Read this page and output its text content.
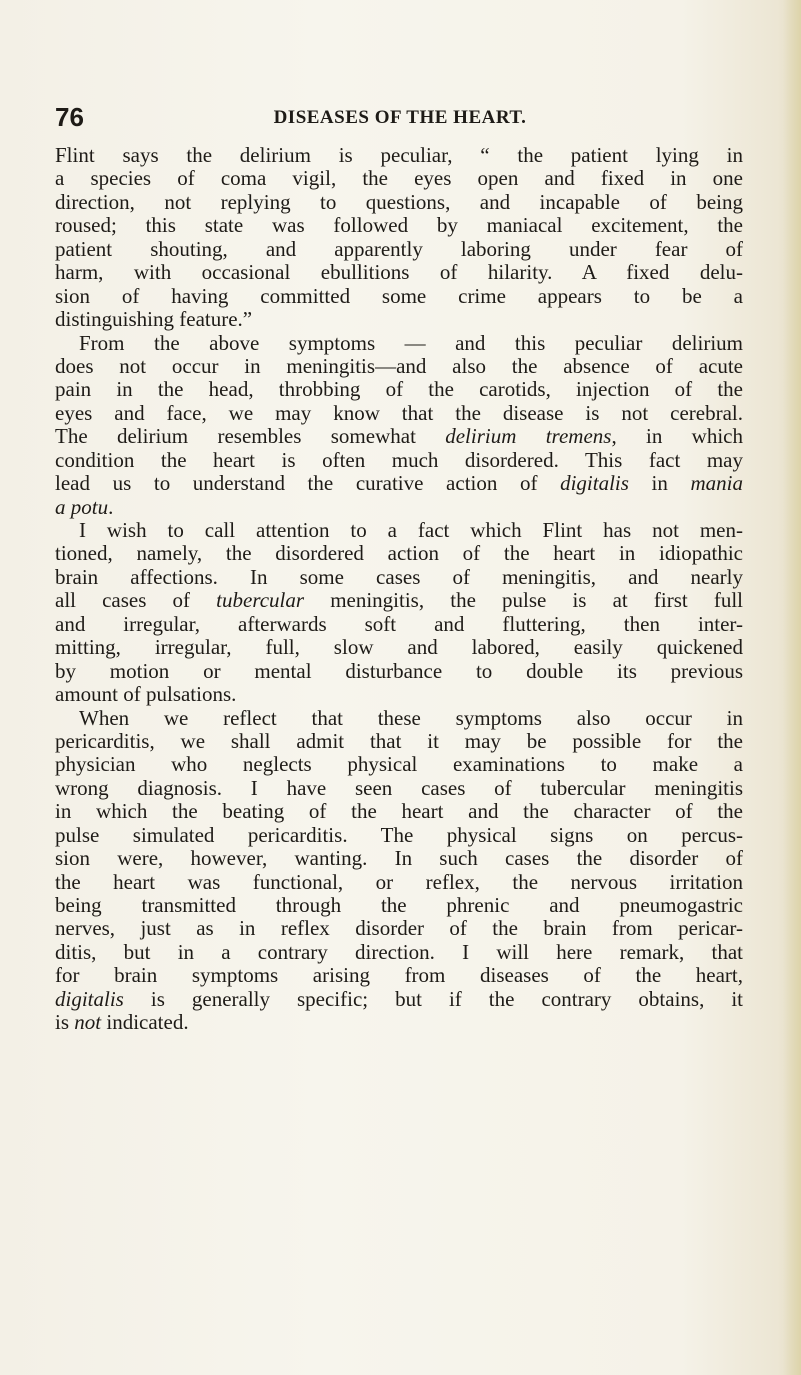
76	DISEASES OF THE HEART.
Flint says the delirium is peculiar, “ the patient lying in
a species of coma vigil, the eyes open and fixed in one
direction, not replying to questions, and incapable of being
roused; this state was followed by maniacal excitement, the
patient shouting, and apparently laboring under fear of
harm, with occasional ebullitions of hilarity. A fixed delu-
sion of having committed some crime appears to be a
distinguishing feature.”
From the above symptoms — and this peculiar delirium
does not occur in meningitis—and also the absence of acute
pain in the head, throbbing of the carotids, injection of the
eyes and face, we may know that the disease is not cerebral.
The delirium resembles somewhat delirium tremens, in which
condition the heart is often much disordered. This fact may
lead us to understand the curative action of digitalis in mania
a potu.
I wish to call attention to a fact which Flint has not men-
tioned, namely, the disordered action of the heart in idiopathic
brain affections. In some cases of meningitis, and nearly
all cases of tubercular meningitis, the pulse is at first full
and irregular, afterwards soft and fluttering, then inter-
mitting, irregular, full, slow and labored, easily quickened
by motion or mental disturbance to double its previous
amount of pulsations.
When we reflect that these symptoms also occur in
pericarditis, we shall admit that it may be possible for the
physician who neglects physical examinations to make a
wrong diagnosis. I have seen cases of tubercular meningitis
in which the beating of the heart and the character of the
pulse simulated pericarditis. The physical signs on percus-
sion were, however, wanting. In such cases the disorder of
the heart was functional, or reflex, the nervous irritation
being transmitted through the phrenic and pneumogastric
nerves, just as in reflex disorder of the brain from pericar-
ditis, but in a contrary direction. I will here remark, that
for brain symptoms arising from diseases of the heart,
digitalis is generally specific; but if the contrary obtains, it
is not indicated.
